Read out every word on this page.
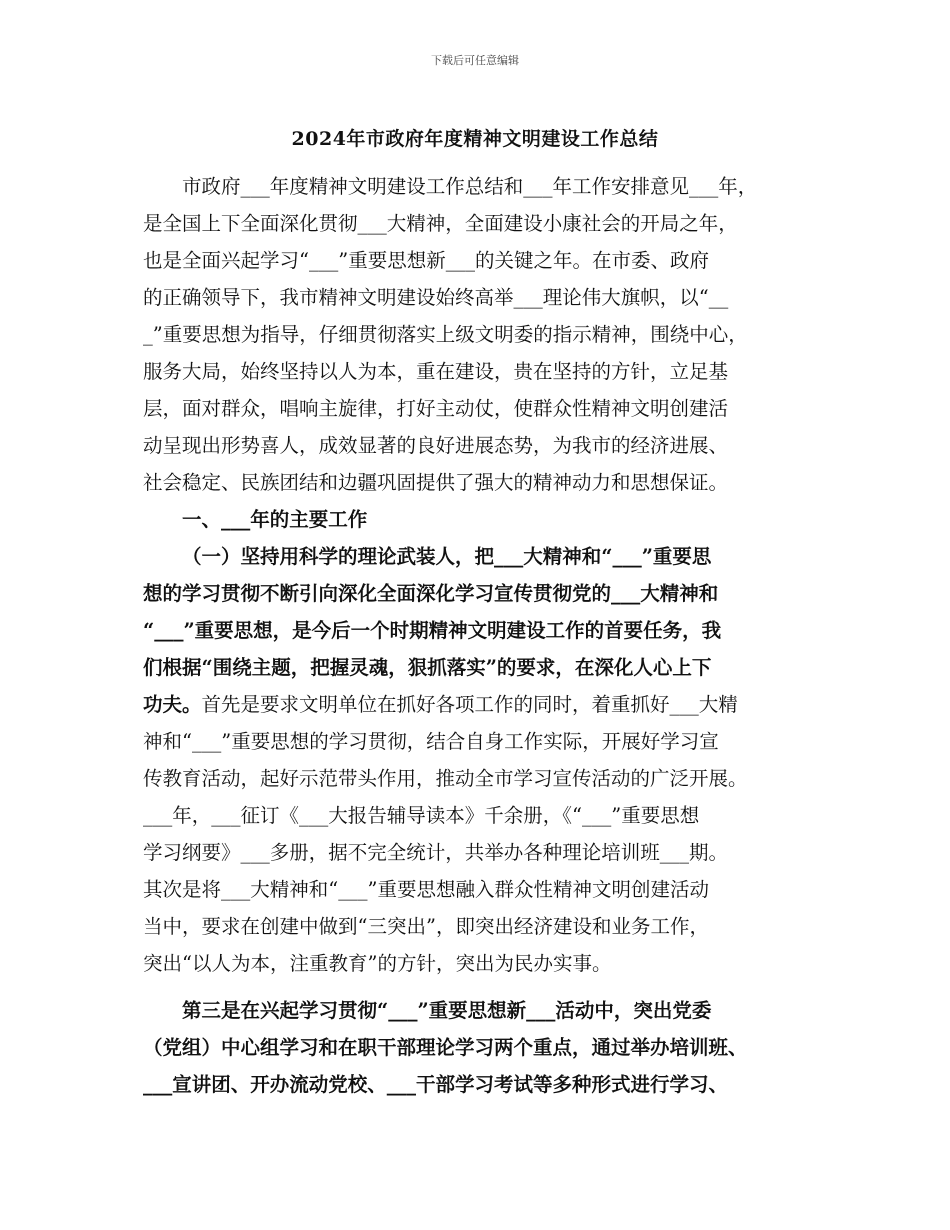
下载后可任意编辑
2024年市政府年度精神文明建设工作总结
市政府___年度精神文明建设工作总结和___年工作安排意见___年，
是全国上下全面深化贯彻___大精神，全面建设小康社会的开局之年，
也是全面兴起学习“___”重要思想新___的关键之年。在市委、政府
的正确领导下，我市精神文明建设始终高举___理论伟大旗帜，以“__
_”重要思想为指导，仔细贯彻落实上级文明委的指示精神，围绕中心，
服务大局，始终坚持以人为本，重在建设，贵在坚持的方针，立足基
层，面对群众，唱响主旋律，打好主动仗，使群众性精神文明创建活
动呈现出形势喜人，成效显著的良好进展态势，为我市的经济进展、
社会稳定、民族团结和边疆巩固提供了强大的精神动力和思想保证。
一、___年的主要工作
（一）坚持用科学的理论武装人，把___大精神和“___”重要思
想的学习贯彻不断引向深化全面深化学习宣传贯彻党的___大精神和
“___”重要思想，是今后一个时期精神文明建设工作的首要任务，我
们根据“围绕主题，把握灵魂，狠抓落实”的要求，在深化人心上下
功夫。首先是要求文明单位在抓好各项工作的同时，着重抓好___大精
神和“___”重要思想的学习贯彻，结合自身工作实际，开展好学习宣
传教育活动，起好示范带头作用，推动全市学习宣传活动的广泛开展。
___年，___征订《___大报告辅导读本》千余册，《“___”重要思想
学习纲要》___多册，据不完全统计，共举办各种理论培训班___期。
其次是将___大精神和“___”重要思想融入群众性精神文明创建活动
当中，要求在创建中做到“三突出”，即突出经济建设和业务工作，
突出“以人为本，注重教育”的方针，突出为民办实事。
第三是在兴起学习贯彻“___”重要思想新___活动中，突出党委
（党组）中心组学习和在职干部理论学习两个重点，通过举办培训班、
___宣讲团、开办流动党校、___干部学习考试等多种形式进行学习、
